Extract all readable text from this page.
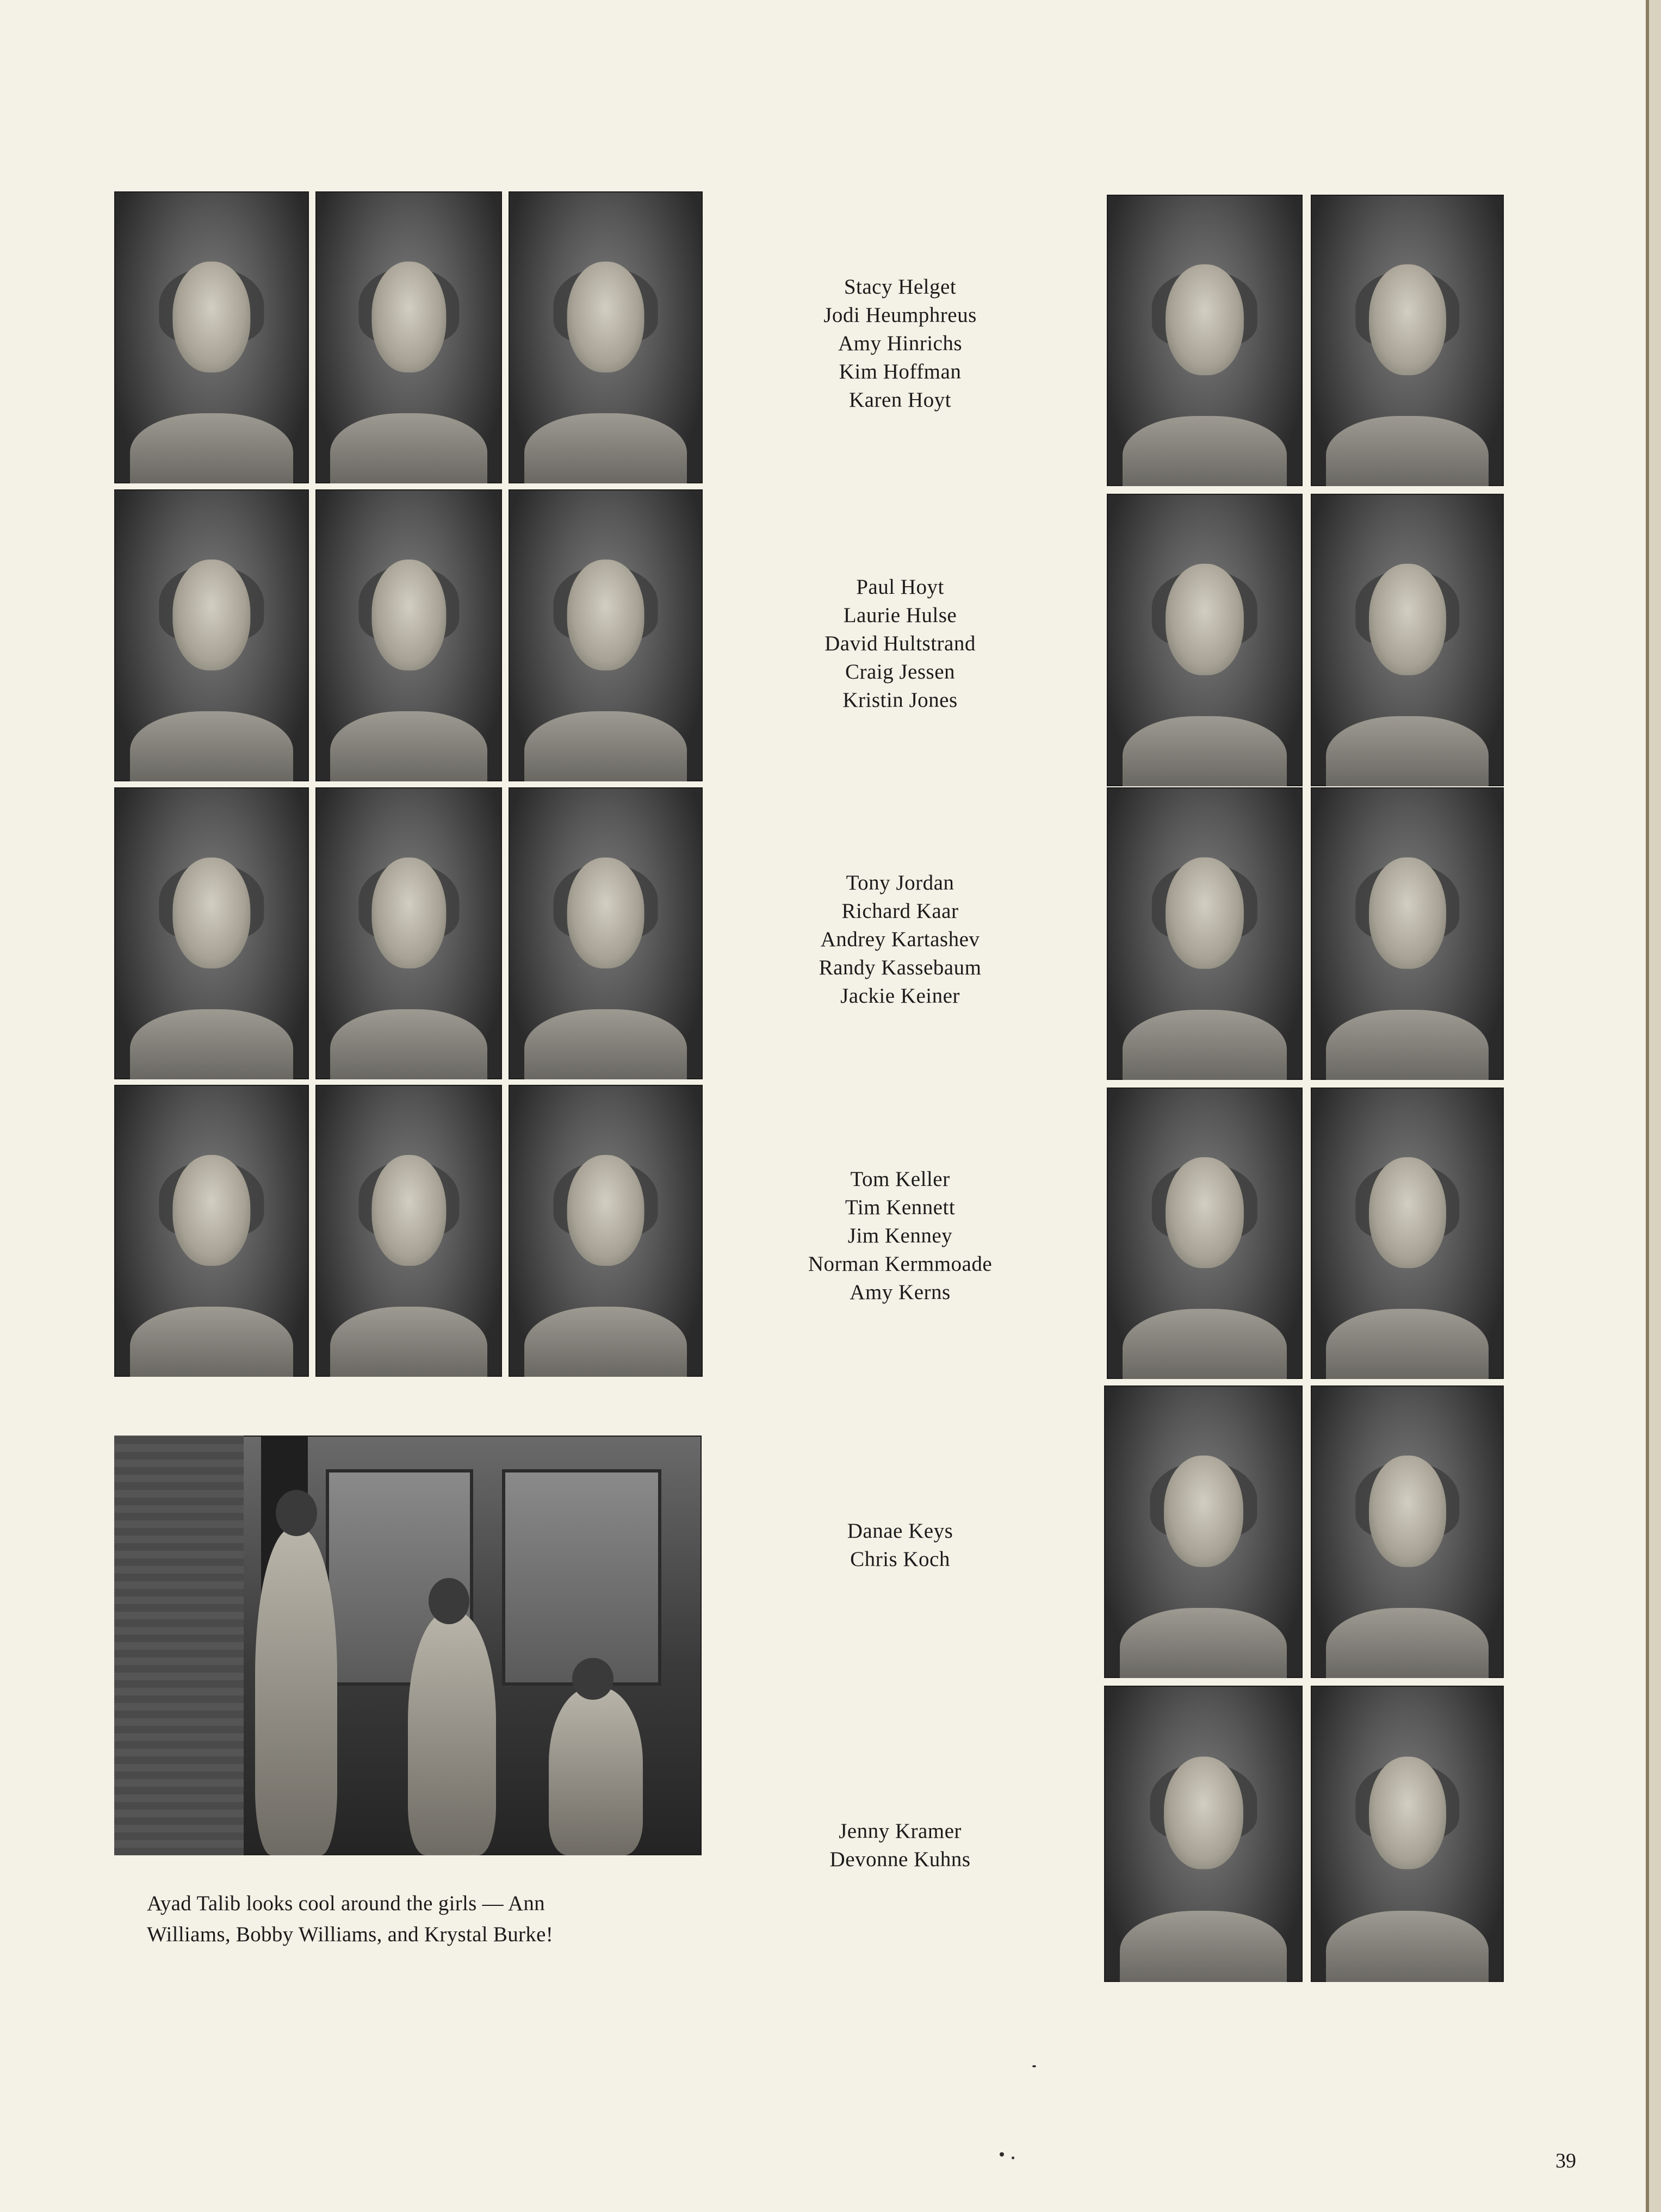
Ayad Talib looks cool around the girls — Ann
Williams, Bobby Williams, and Krystal Burke!
Stacy Helget
Jodi Heumphreus
Amy Hinrichs
Kim Hoffman
Karen Hoyt
Paul Hoyt
Laurie Hulse
David Hultstrand
Craig Jessen
Kristin Jones
Tony Jordan
Richard Kaar
Andrey Kartashev
Randy Kassebaum
Jackie Keiner
Tom Keller
Tim Kennett
Jim Kenney
Norman Kermmoade
Amy Kerns
Danae Keys
Chris Koch
Jenny Kramer
Devonne Kuhns
39
